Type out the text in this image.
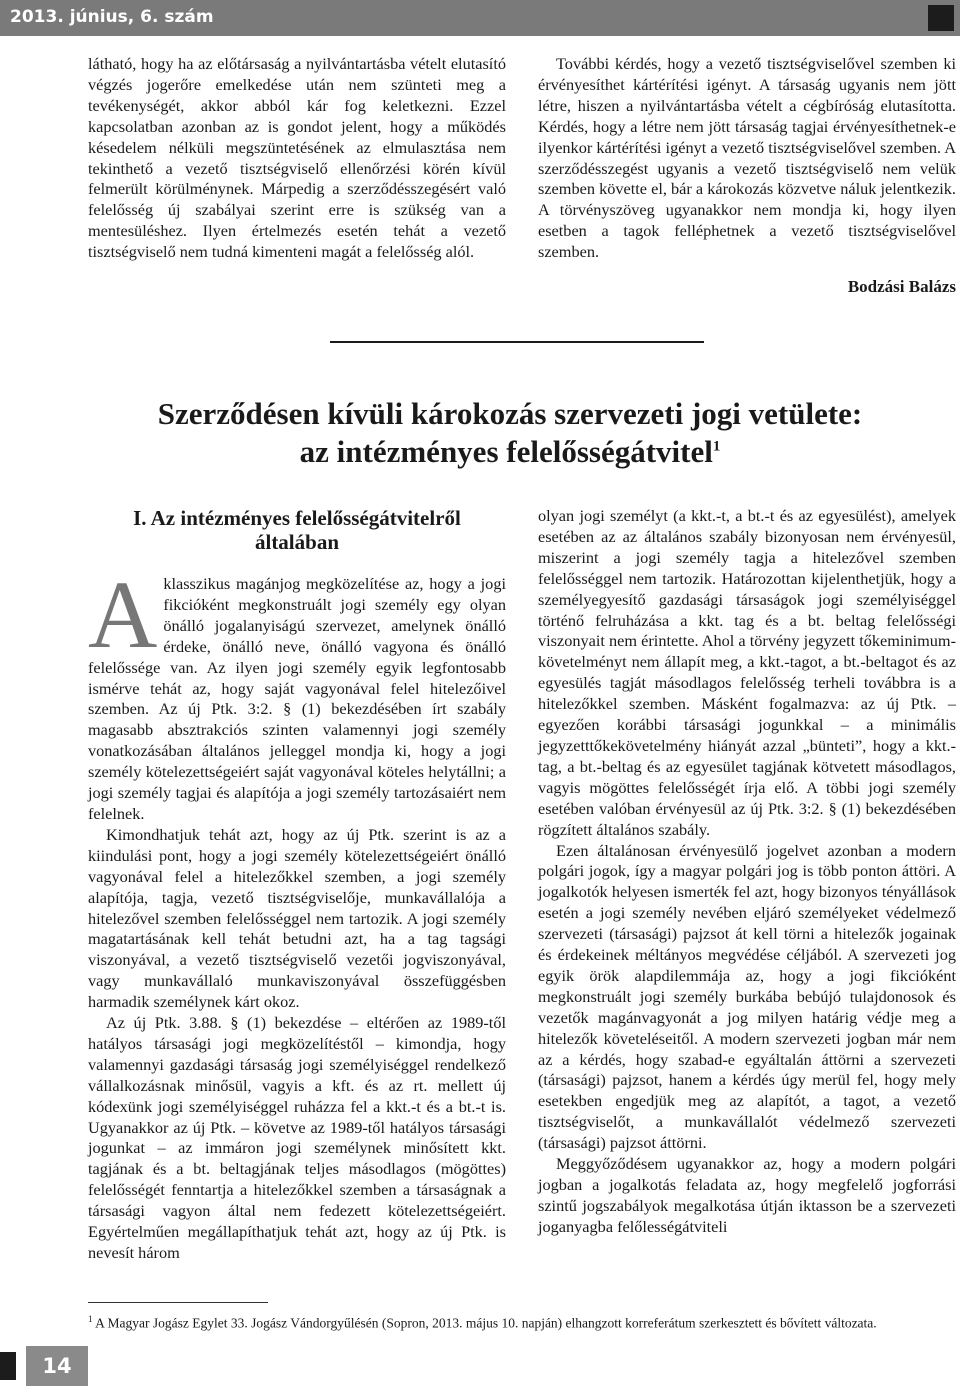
2013. június, 6. szám

látható, hogy ha az előtársaság a nyilvántartásba vételt elutasító végzés jogerőre emelkedése után nem szünteti meg a tevékenységét, akkor abból kár fog keletkezni. Ezzel kapcsolatban azonban az is gondot jelent, hogy a működés késedelem nélküli megszüntetésének az elmulasztása nem tekinthető a vezető tisztségviselő ellenőrzési körén kívül felmerült körülménynek. Márpedig a szerződésszegésért való felelősség új szabályai szerint erre is szükség van a mentesüléshez. Ilyen értelmezés esetén tehát a vezető tisztségviselő nem tudná kimenteni magát a felelősség alól.

További kérdés, hogy a vezető tisztségviselővel szemben ki érvényesíthet kártérítési igényt. A társaság ugyanis nem jött létre, hiszen a nyilvántartásba vételt a cégbíróság elutasította. Kérdés, hogy a létre nem jött társaság tagjai érvényesíthetnek-e ilyenkor kártérítési igényt a vezető tisztségviselővel szemben. A szerződésszegést ugyanis a vezető tisztségviselő nem velük szemben követte el, bár a károkozás közvetve náluk jelentkezik. A törvényszöveg ugyanakkor nem mondja ki, hogy ilyen esetben a tagok felléphetnek a vezető tisztségviselővel szemben.

Bodzási Balázs
Szerződésen kívüli károkozás szervezeti jogi vetülete:
az intézményes felelősségátvitel$^1$
I. Az intézményes felelősségátvitelről
általában

A klasszikus magánjog megközelítése az, hogy a jogi fikcióként megkonstruált jogi személy egy olyan önálló jogalanyiságú szervezet, amelynek önálló érdeke, önálló neve, önálló vagyona és önálló felelőssége van. Az ilyen jogi személy egyik legfontosabb ismérve tehát az, hogy saját vagyonával felel hitelezőivel szemben. Az új Ptk. 3:2. § (1) bekezdésében írt szabály magasabb absztrakciós szinten valamennyi jogi személy vonatkozásában általános jelleggel mondja ki, hogy a jogi személy kötelezettségeiért saját vagyonával köteles helytállni; a jogi személy tagjai és alapítója a jogi személy tartozásaiért nem felelnek.

Kimondhatjuk tehát azt, hogy az új Ptk. szerint is az a kiindulási pont, hogy a jogi személy kötelezettségeiért önálló vagyonával felel a hitelezőkkel szemben, a jogi személy alapítója, tagja, vezető tisztségviselője, munkavállalója a hitelezővel szemben felelősséggel nem tartozik. A jogi személy magatartásának kell tehát betudni azt, ha a tag tagsági viszonyával, a vezető tisztségviselő vezetői jogviszonyával, vagy munkavállaló munkaviszonyával összefüggésben harmadik személynek kárt okoz.

Az új Ptk. 3.88. § (1) bekezdése – eltérően az 1989-től hatályos társasági jogi megközelítéstől – kimondja, hogy valamennyi gazdasági társaság jogi személyiséggel rendelkező vállalkozásnak minősül, vagyis a kft. és az rt. mellett új kódexünk jogi személyiséggel ruházza fel a kkt.-t és a bt.-t is. Ugyanakkor az új Ptk. – követve az 1989-től hatályos társasági jogunkat – az immáron jogi személynek minősített kkt. tagjának és a bt. beltagjának teljes másodlagos (mögöttes) felelősségét fenntartja a hitelezőkkel szemben a társaságnak a társasági vagyon által nem fedezett kötelezettségeiért. Egyértelműen megállapíthatjuk tehát azt, hogy az új Ptk. is nevesít három

olyan jogi személyt (a kkt.-t, a bt.-t és az egyesülést), amelyek esetében az az általános szabály bizonyosan nem érvényesül, miszerint a jogi személy tagja a hitelezővel szemben felelősséggel nem tartozik. Határozottan kijelenthetjük, hogy a személyegyesítő gazdasági társaságok jogi személyiséggel történő felruházása a kkt. tag és a bt. beltag felelősségi viszonyait nem érintette. Ahol a törvény jegyzett tőkeminimum-követelményt nem állapít meg, a kkt.-tagot, a bt.-beltagot és az egyesülés tagját másodlagos felelősség terheli továbbra is a hitelezőkkel szemben. Másként fogalmazva: az új Ptk. – egyezően korábbi társasági jogunkkal – a minimális jegyzetttőkekövetelmény hiányát azzal „bünteti”, hogy a kkt.-tag, a bt.-beltag és az egyesület tagjának kötvetett másodlagos, vagyis mögöttes felelősségét írja elő. A többi jogi személy esetében valóban érvényesül az új Ptk. 3:2. § (1) bekezdésében rögzített általános szabály.

Ezen általánosan érvényesülő jogelvet azonban a modern polgári jogok, így a magyar polgári jog is több ponton áttöri. A jogalkotók helyesen ismerték fel azt, hogy bizonyos tényállások esetén a jogi személy nevében eljáró személyeket védelmező szervezeti (társasági) pajzsot át kell törni a hitelezők jogainak és érdekeinek méltányos megvédése céljából. A szervezeti jog egyik örök alapdilemmája az, hogy a jogi fikcióként megkonstruált jogi személy burkába bebújó tulajdonosok és vezetők magánvagyonát a jog milyen határig védje meg a hitelezők követeléseitől. A modern szervezeti jogban már nem az a kérdés, hogy szabad-e egyáltalán áttörni a szervezeti (társasági) pajzsot, hanem a kérdés úgy merül fel, hogy mely esetekben engedjük meg az alapítót, a tagot, a vezető tisztségviselőt, a munkavállalót védelmező szervezeti (társasági) pajzsot áttörni.

Meggyőződésem ugyanakkor az, hogy a modern polgári jogban a jogalkotás feladata az, hogy megfelelő jogforrási szintű jogszabályok megalkotása útján iktasson be a szervezeti joganyagba felőlességátviteli

$^1$ A Magyar Jogász Egylet 33. Jogász Vándorgyűlésén (Sopron, 2013. május 10. napján) elhangzott korreferátum szerkesztett és bővített változata.
14
